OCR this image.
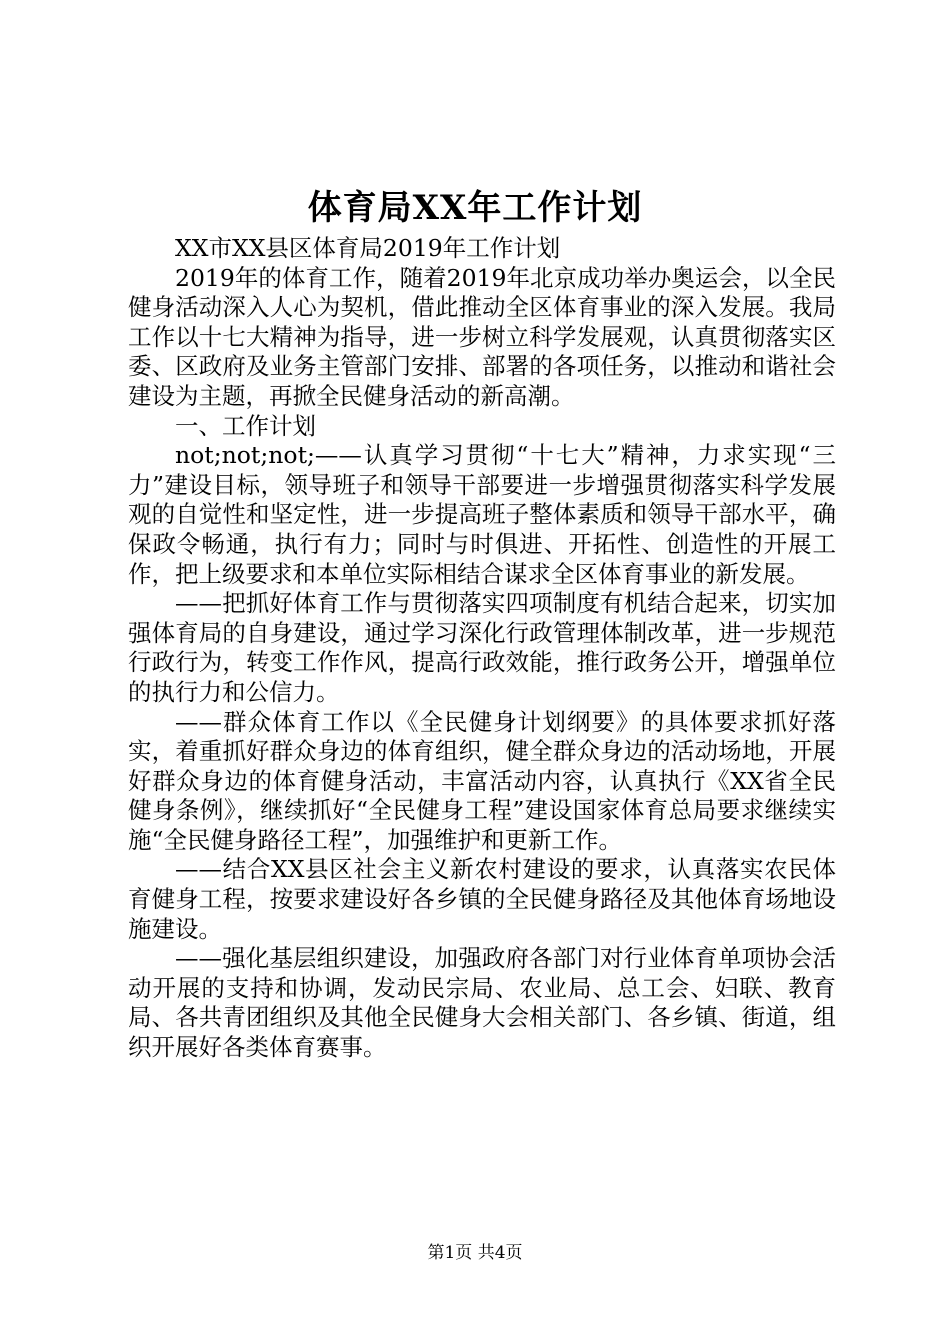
体育局XX年工作计划

XX市XX县区体育局2019年工作计划

2019年的体育工作，随着2019年北京成功举办奥运会，以全民健身活动深入人心为契机，借此推动全区体育事业的深入发展。我局工作以十七大精神为指导，进一步树立科学发展观，认真贯彻落实区委、区政府及业务主管部门安排、部署的各项任务，以推动和谐社会建设为主题，再掀全民健身活动的新高潮。

一、工作计划

not;not;not;——认真学习贯彻“十七大”精神，力求实现“三力”建设目标，领导班子和领导干部要进一步增强贯彻落实科学发展观的自觉性和坚定性，进一步提高班子整体素质和领导干部水平，确保政令畅通，执行有力；同时与时俱进、开拓性、创造性的开展工作，把上级要求和本单位实际相结合谋求全区体育事业的新发展。

——把抓好体育工作与贯彻落实四项制度有机结合起来，切实加强体育局的自身建设，通过学习深化行政管理体制改革，进一步规范行政行为，转变工作作风，提高行政效能，推行政务公开，增强单位的执行力和公信力。

——群众体育工作以《全民健身计划纲要》的具体要求抓好落实，着重抓好群众身边的体育组织，健全群众身边的活动场地，开展好群众身边的体育健身活动，丰富活动内容，认真执行《XX省全民健身条例》，继续抓好“全民健身工程”建设国家体育总局要求继续实施“全民健身路径工程”，加强维护和更新工作。

——结合XX县区社会主义新农村建设的要求，认真落实农民体育健身工程，按要求建设好各乡镇的全民健身路径及其他体育场地设施建设。

——强化基层组织建设，加强政府各部门对行业体育单项协会活动开展的支持和协调，发动民宗局、农业局、总工会、妇联、教育局、各共青团组织及其他全民健身大会相关部门、各乡镇、街道，组织开展好各类体育赛事。

第1页 共4页
